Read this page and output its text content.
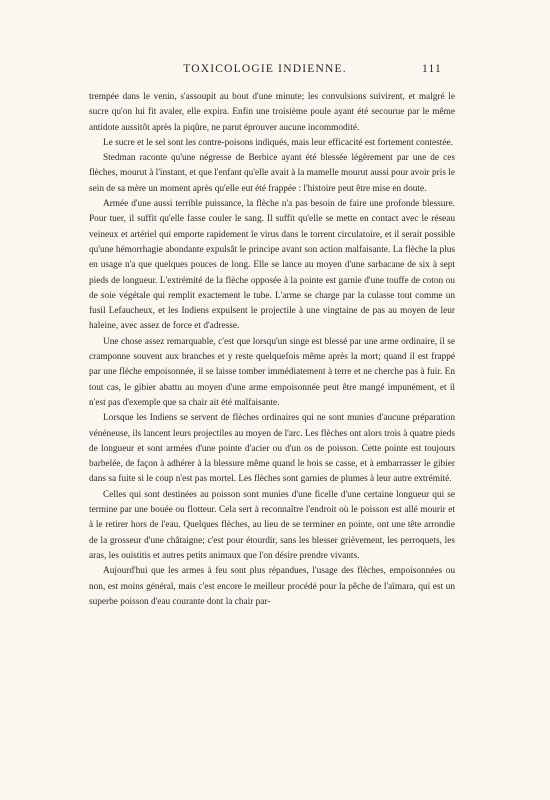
TOXICOLOGIE INDIENNE.	111

trempée dans le venin, s'assoupit au bout d'une minute; les convulsions suivirent, et malgré le sucre qu'on lui fit avaler, elle expira. Enfin une troisième poule ayant été secourue par le même antidote aussitôt après la piqûre, ne parut éprouver aucune incommodité.

Le sucre et le sel sont les contre-poisons indiqués, mais leur efficacité est fortement contestée.

Stedman raconte qu'une négresse de Berbice ayant été blessée légèrement par une de ces flèches, mourut à l'instant, et que l'enfant qu'elle avait à la mamelle mourut aussi pour avoir pris le sein de sa mère un moment après qu'elle eut été frappée : l'histoire peut être mise en doute.

Armée d'une aussi terrible puissance, la flèche n'a pas besoin de faire une profonde blessure. Pour tuer, il suffit qu'elle fasse couler le sang. Il suffit qu'elle se mette en contact avec le réseau veineux et artériel qui emporte rapidement le virus dans le torrent circulatoire, et il serait possible qu'une hémorrhagie abondante expulsât le principe avant son action malfaisante. La flèche la plus en usage n'a que quelques pouces de long. Elle se lance au moyen d'une sarbacane de six à sept pieds de longueur. L'extrémité de la flèche opposée à la pointe est garnie d'une touffe de coton ou de soie végétale qui remplit exactement le tube. L'arme se charge par la culasse tout comme un fusil Lefaucheux, et les Indiens expulsent le projectile à une vingtaine de pas au moyen de leur haleine, avec assez de force et d'adresse.

Une chose assez remarquable, c'est que lorsqu'un singe est blessé par une arme ordinaire, il se cramponne souvent aux branches et y reste quelquefois même après la mort; quand il est frappé par une flèche empoisonnée, il se laisse tomber immédiatement à terre et ne cherche pas à fuir. En tout cas, le gibier abattu au moyen d'une arme empoisonnée peut être mangé impunément, et il n'est pas d'exemple que sa chair ait été malfaisante.

Lorsque les Indiens se servent de flèches ordinaires qui ne sont munies d'aucune préparation vénéneuse, ils lancent leurs projectiles au moyen de l'arc. Les flèches ont alors trois à quatre pieds de longueur et sont armées d'une pointe d'acier ou d'un os de poisson. Cette pointe est toujours barbelée, de façon à adhérer à la blessure même quand le bois se casse, et à embarrasser le gibier dans sa fuite si le coup n'est pas mortel. Les flèches sont garnies de plumes à leur autre extrémité.

Celles qui sont destinées au poisson sont munies d'une ficelle d'une certaine longueur qui se termine par une bouée ou flotteur. Cela sert à reconnaître l'endroit où le poisson est allé mourir et à le retirer hors de l'eau. Quelques flèches, au lieu de se terminer en pointe, ont une tête arrondie de la grosseur d'une châtaigne; c'est pour étourdir, sans les blesser grièvement, les perroquets, les aras, les ouistitis et autres petits animaux que l'on désire prendre vivants.

Aujourd'hui que les armes à feu sont plus répandues, l'usage des flèches, empoisonnées ou non, est moins général, mais c'est encore le meilleur procédé pour la pêche de l'aïmara, qui est un superbe poisson d'eau courante dont la chair par-
